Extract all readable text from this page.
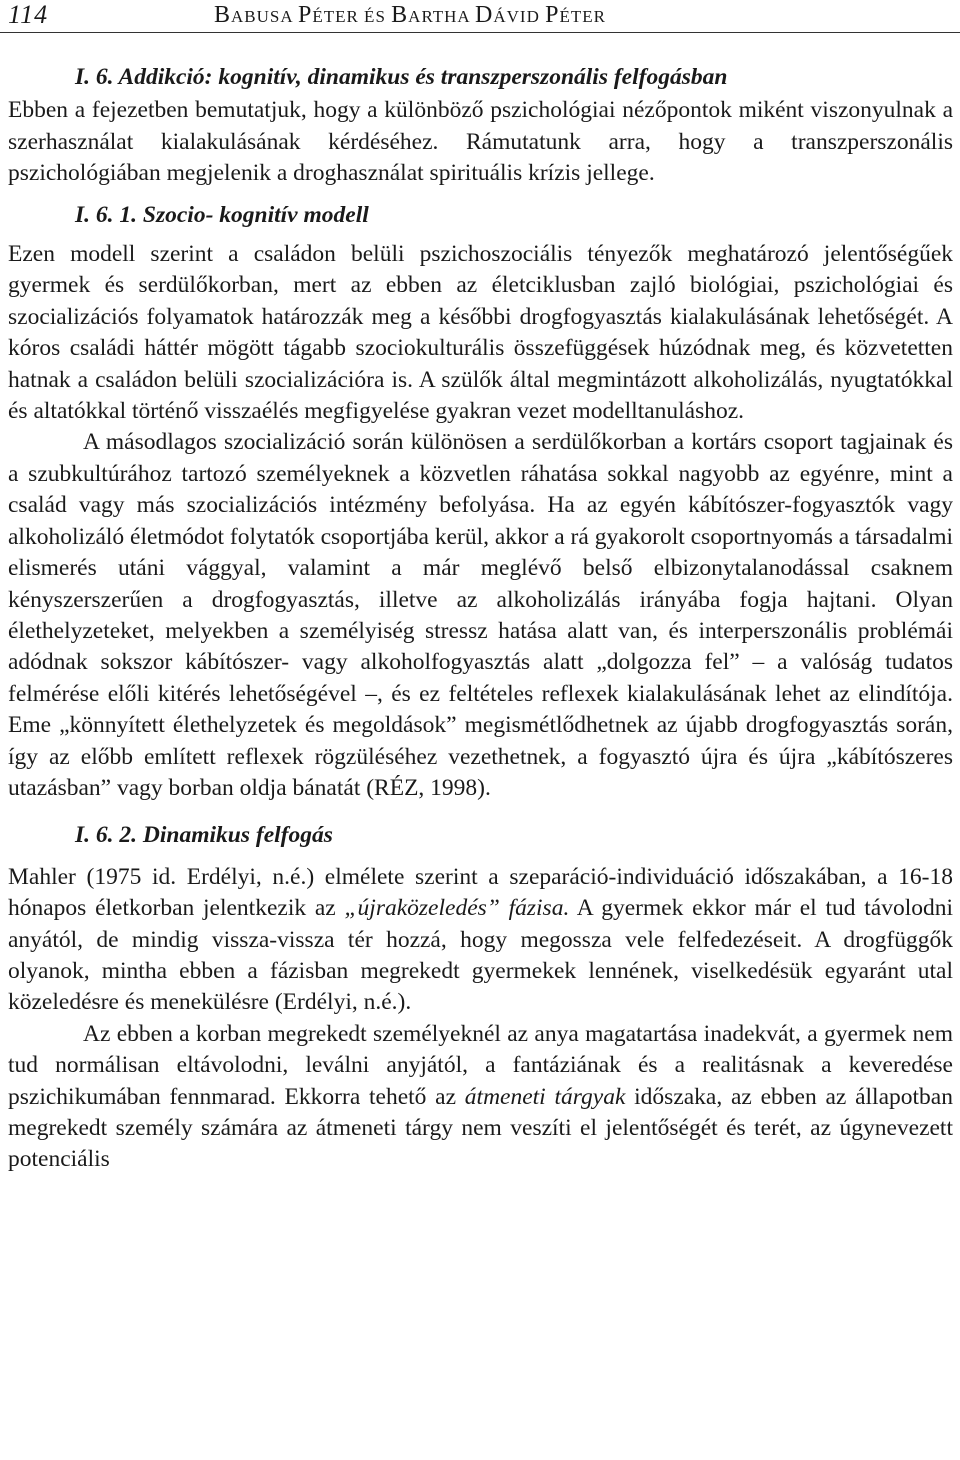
114	BABUSA PÉTER ÉS BARTHA DÁVID PÉTER
I. 6. Addikció: kognitív, dinamikus és transzperszonális felfogásban

Ebben a fejezetben bemutatjuk, hogy a különböző pszichológiai nézőpontok miként viszonyulnak a szerhasználat kialakulásának kérdéséhez. Rámutatunk arra, hogy a transzperszonális pszichológiában megjelenik a droghasználat spirituális krízis jellege.

I. 6. 1. Szocio- kognitív modell

Ezen modell szerint a családon belüli pszichoszociális tényezők meghatározó jelentőségűek gyermek és serdülőkorban, mert az ebben az életciklusban zajló biológiai, pszichológiai és szocializációs folyamatok határozzák meg a későbbi drogfogyasztás kialakulásának lehetőségét. A kóros családi háttér mögött tágabb szociokulturális összefüggések húzódnak meg, és közvetetten hatnak a családon belüli szocializációra is. A szülők által megmintázott alkoholizálás, nyugtatókkal és altatókkal történő visszaélés megfigyelése gyakran vezet modelltanuláshoz.

A másodlagos szocializáció során különösen a serdülőkorban a kortárs csoport tagjainak és a szubkultúrához tartozó személyeknek a közvetlen ráhatása sokkal nagyobb az egyénre, mint a család vagy más szocializációs intézmény befolyása. Ha az egyén kábítószer-fogyasztók vagy alkoholizáló életmódot folytatók csoportjába kerül, akkor a rá gyakorolt csoportnyomás a társadalmi elismerés utáni vággyal, valamint a már meglévő belső elbizonytalanodással csaknem kényszerszerűen a drogfogyasztás, illetve az alkoholizálás irányába fogja hajtani. Olyan élethelyzeteket, melyekben a személyiség stressz hatása alatt van, és interperszonális problémái adódnak sokszor kábítószer- vagy alkoholfogyasztás alatt „dolgozza fel” – a valóság tudatos felmérése előli kitérés lehetőségével –, és ez feltételes reflexek kialakulásának lehet az elindítója. Eme „könnyített élethelyzetek és megoldások” megismétlődhetnek az újabb drogfogyasztás során, így az előbb említett reflexek rögzüléséhez vezethetnek, a fogyasztó újra és újra „kábítószeres utazásban” vagy borban oldja bánatát (RÉZ, 1998).

I. 6. 2. Dinamikus felfogás

Mahler (1975 id. Erdélyi, n.é.) elmélete szerint a szeparáció-individuáció időszakában, a 16-18 hónapos életkorban jelentkezik az „újraközeledés” fázisa. A gyermek ekkor már el tud távolodni anyától, de mindig vissza-vissza tér hozzá, hogy megossza vele felfedezéseit. A drogfüggők olyanok, mintha ebben a fázisban megrekedt gyermekek lennének, viselkedésük egyaránt utal közeledésre és menekülésre (Erdélyi, n.é.).

Az ebben a korban megrekedt személyeknél az anya magatartása inadekvát, a gyermek nem tud normálisan eltávolodni, leválni anyjától, a fantáziának és a realitásnak a keveredése pszichikumában fennmarad. Ekkorra tehető az átmeneti tárgyak időszaka, az ebben az állapotban megrekedt személy számára az átmeneti tárgy nem veszíti el jelentőségét és terét, az úgynevezett potenciális
